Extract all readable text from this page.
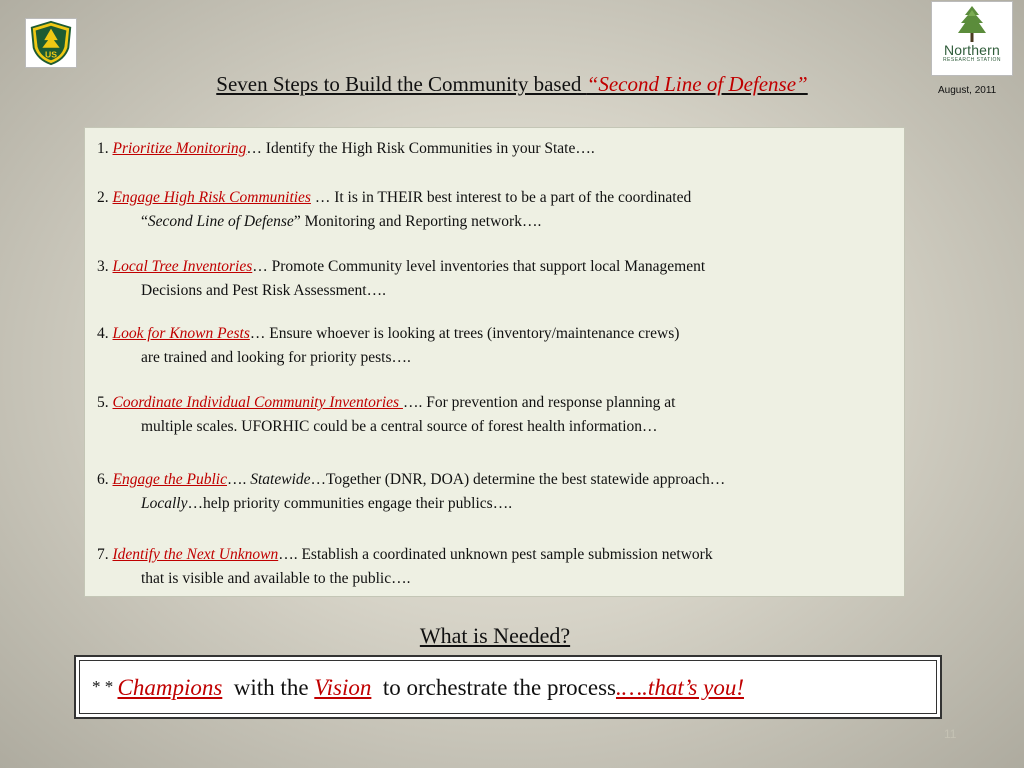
US	Northern
RESEARCH STATION
Seven Steps to Build the Community based “Second Line of Defense”	August, 2011
1. Prioritize Monitoring… Identify the High Risk Communities in your State….
2. Engage High Risk Communities … It is in THEIR best interest to be a part of the coordinated
“Second Line of Defense” Monitoring and Reporting network….
3. Local Tree Inventories… Promote Community level inventories that support local Management
Decisions and Pest Risk Assessment….
4. Look for Known Pests… Ensure whoever is looking at trees (inventory/maintenance crews)
are trained and looking for priority pests….
5. Coordinate Individual Community Inventories …. For prevention and response planning at
multiple scales. UFORHIC could be a central source of forest health information…
6. Engage the Public…. Statewide…Together (DNR, DOA) determine the best statewide approach…
Locally…help priority communities engage their publics….
7. Identify the Next Unknown…. Establish a coordinated unknown pest sample submission network
that is visible and available to the public….
What is Needed?
* * Champions  with the Vision  to orchestrate the process.….that’s you!
11
